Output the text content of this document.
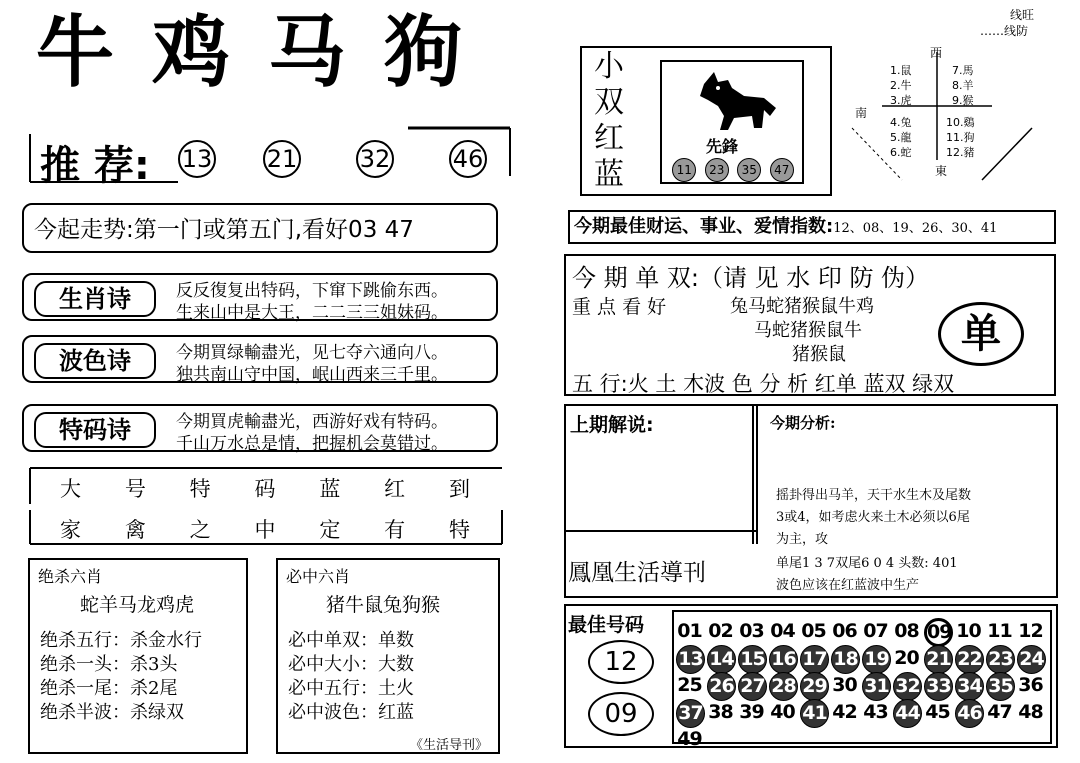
牛鸡马狗
推 荐: 13 21	32	46
今起走势:第一门或第五门,看好03 47
生肖诗	反反復复出特码，下窜下跳偷东西。
生来山中是大王，二二三三姐妹码。
波色诗	今期買绿輸盡光，见七夺六通向八。
独共南山守中国，岷山西来三千里。
特码诗	今期買虎輸盡光，西游好戏有特码。
千山万水总是情，把握机会莫错过。
大 号 特 码 蓝 红 到
家 禽 之 中 定 有 特
绝杀六肖
蛇羊马龙鸡虎
绝杀五行：杀金水行
绝杀一头：杀3头
绝杀一尾：杀2尾
绝杀半波：杀绿双
必中六肖
猪牛鼠兔狗猴
必中单双：单数
必中大小：大数
必中五行：土火
必中波色：红蓝
《生活导刊》
线旺
……线防
小
双
红
蓝
先鋒
11	23	35	47
西
南
東
1.鼠
2.牛
3.虎
4.兔
5.龍
6.蛇
7.馬
8.羊
9.猴
10.鷄
11.狗
12.豬
今期最佳财运、事业、爱情指数:12、08、19、26、30、41
今 期 单 双:（请 见 水 印 防 伪）
重 点 看 好	兔马蛇猪猴鼠牛鸡
马蛇猪猴鼠牛
猪猴鼠	单
五 行:火 土 木波 色 分 析 红单 蓝双 绿双
上期解说:
鳳凰生活導刊
今期分析:
摇卦得出马羊，天干水生木及尾数
3或4，如考虑火来土木必须以6尾
为主，攻
单尾1 3 7双尾6 0 4 头数: 401
波色应该在红蓝波中生产
最佳号码
12
09
01 02 03 04 05 06 07 08 09 10 11 12
13 14 15 16 17 18 19 20 21 22 23 24
25 26 27 28 29 30 31 32 33 34 35 36
37 38 39 40 41 42 43 44 45 46 47 48
49
